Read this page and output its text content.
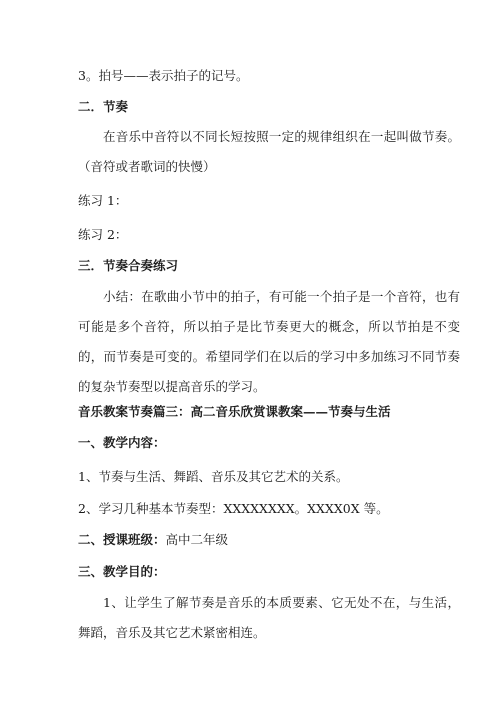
3。拍号——表示拍子的记号。
二．节奏
在音乐中音符以不同长短按照一定的规律组织在一起叫做节奏。（音符或者歌词的快慢）
练习 1：
练习 2：
三．节奏合奏练习
小结：在歌曲小节中的拍子，有可能一个拍子是一个音符，也有可能是多个音符，所以拍子是比节奏更大的概念，所以节拍是不变的，而节奏是可变的。希望同学们在以后的学习中多加练习不同节奏的复杂节奏型以提高音乐的学习。
音乐教案节奏篇三：高二音乐欣赏课教案——节奏与生活
一、教学内容：
1、节奏与生活、舞蹈、音乐及其它艺术的关系。
2、学习几种基本节奏型：XXXXXXXX。XXXX0X 等。
二、授课班级：高中二年级
三、教学目的：
1、让学生了解节奏是音乐的本质要素、它无处不在，与生活，舞蹈，音乐及其它艺术紧密相连。
